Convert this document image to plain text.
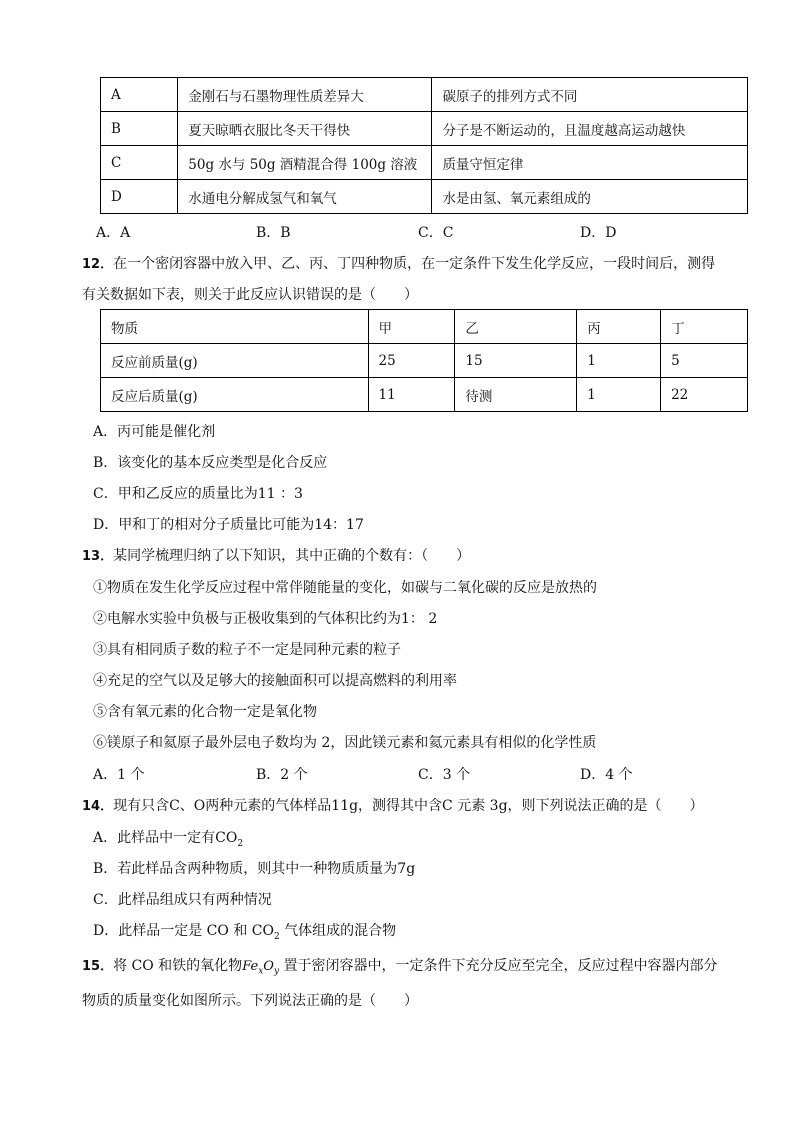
A	金刚石与石墨物理性质差异大	碳原子的排列方式不同
B	夏天晾晒衣服比冬天干得快	分子是不断运动的，且温度越高运动越快
C	50g 水与 50g 酒精混合得 100g 溶液	质量守恒定律
D	水通电分解成氢气和氧气	水是由氢、氧元素组成的
A．A	B．B	C．C	D．D
12．在一个密闭容器中放入甲、乙、丙、丁四种物质，在一定条件下发生化学反应，一段时间后，测得
有关数据如下表，则关于此反应认识错误的是（　　）
物质	甲	乙	丙	丁
反应前质量(g)	25	15	1	5
反应后质量(g)	11	待测	1	22
A．丙可能是催化剂
B．该变化的基本反应类型是化合反应
C．甲和乙反应的质量比为11 ：3
D．甲和丁的相对分子质量比可能为14：17
13．某同学梳理归纳了以下知识，其中正确的个数有：（　　）
①物质在发生化学反应过程中常伴随能量的变化，如碳与二氧化碳的反应是放热的
②电解水实验中负极与正极收集到的气体积比约为1： 2
③具有相同质子数的粒子不一定是同种元素的粒子
④充足的空气以及足够大的接触面积可以提高燃料的利用率
⑤含有氧元素的化合物一定是氧化物
⑥镁原子和氦原子最外层电子数均为 2，因此镁元素和氦元素具有相似的化学性质
A．1 个	B．2 个	C．3 个	D．4 个
14．现有只含C、O两种元素的气体样品11g，测得其中含C 元素 3g，则下列说法正确的是（　　）
A．此样品中一定有$CO_2$
B．若此样品含两种物质，则其中一种物质质量为7g
C．此样品组成只有两种情况
D．此样品一定是 CO 和 $CO_2$ 气体组成的混合物
15．将 CO 和铁的氧化物$Fe_xO_y$ 置于密闭容器中，一定条件下充分反应至完全，反应过程中容器内部分
物质的质量变化如图所示。下列说法正确的是（　　）
